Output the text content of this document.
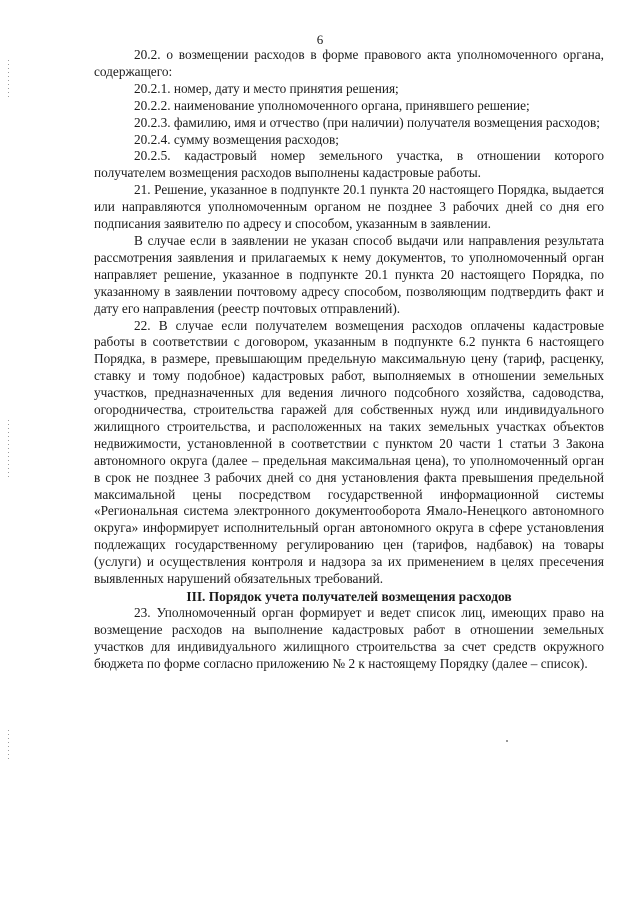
6

20.2. о возмещении расходов в форме правового акта уполномоченного органа, содержащего:

20.2.1. номер, дату и место принятия решения;

20.2.2. наименование уполномоченного органа, принявшего решение;

20.2.3. фамилию, имя и отчество (при наличии) получателя возмещения расходов;

20.2.4. сумму возмещения расходов;

20.2.5. кадастровый номер земельного участка, в отношении которого получателем возмещения расходов выполнены кадастровые работы.

21. Решение, указанное в подпункте 20.1 пункта 20 настоящего Порядка, выдается или направляются уполномоченным органом не позднее 3 рабочих дней со дня его подписания заявителю по адресу и способом, указанным в заявлении.

В случае если в заявлении не указан способ выдачи или направления результата рассмотрения заявления и прилагаемых к нему документов, то уполномоченный орган направляет решение, указанное в подпункте 20.1 пункта 20 настоящего Порядка, по указанному в заявлении почтовому адресу способом, позволяющим подтвердить факт и дату его направления (реестр почтовых отправлений).

22. В случае если получателем возмещения расходов оплачены кадастровые работы в соответствии с договором, указанным в подпункте 6.2 пункта 6 настоящего Порядка, в размере, превышающим предельную максимальную цену (тариф, расценку, ставку и тому подобное) кадастровых работ, выполняемых в отношении земельных участков, предназначенных для ведения личного подсобного хозяйства, садоводства, огородничества, строительства гаражей для собственных нужд или индивидуального жилищного строительства, и расположенных на таких земельных участках объектов недвижимости, установленной в соответствии с пунктом 20 части 1 статьи 3 Закона автономного округа (далее – предельная максимальная цена), то уполномоченный орган в срок не позднее 3 рабочих дней со дня установления факта превышения предельной максимальной цены посредством государственной информационной системы «Региональная система электронного документооборота Ямало-Ненецкого автономного округа» информирует исполнительный орган автономного округа в сфере установления подлежащих государственному регулированию цен (тарифов, надбавок) на товары (услуги) и осуществления контроля и надзора за их применением в целях пресечения выявленных нарушений обязательных требований.

III. Порядок учета получателей возмещения расходов

23. Уполномоченный орган формирует и ведет список лиц, имеющих право на возмещение расходов на выполнение кадастровых работ в отношении земельных участков для индивидуального жилищного строительства за счет средств окружного бюджета по форме согласно приложению № 2 к настоящему Порядку (далее – список).
